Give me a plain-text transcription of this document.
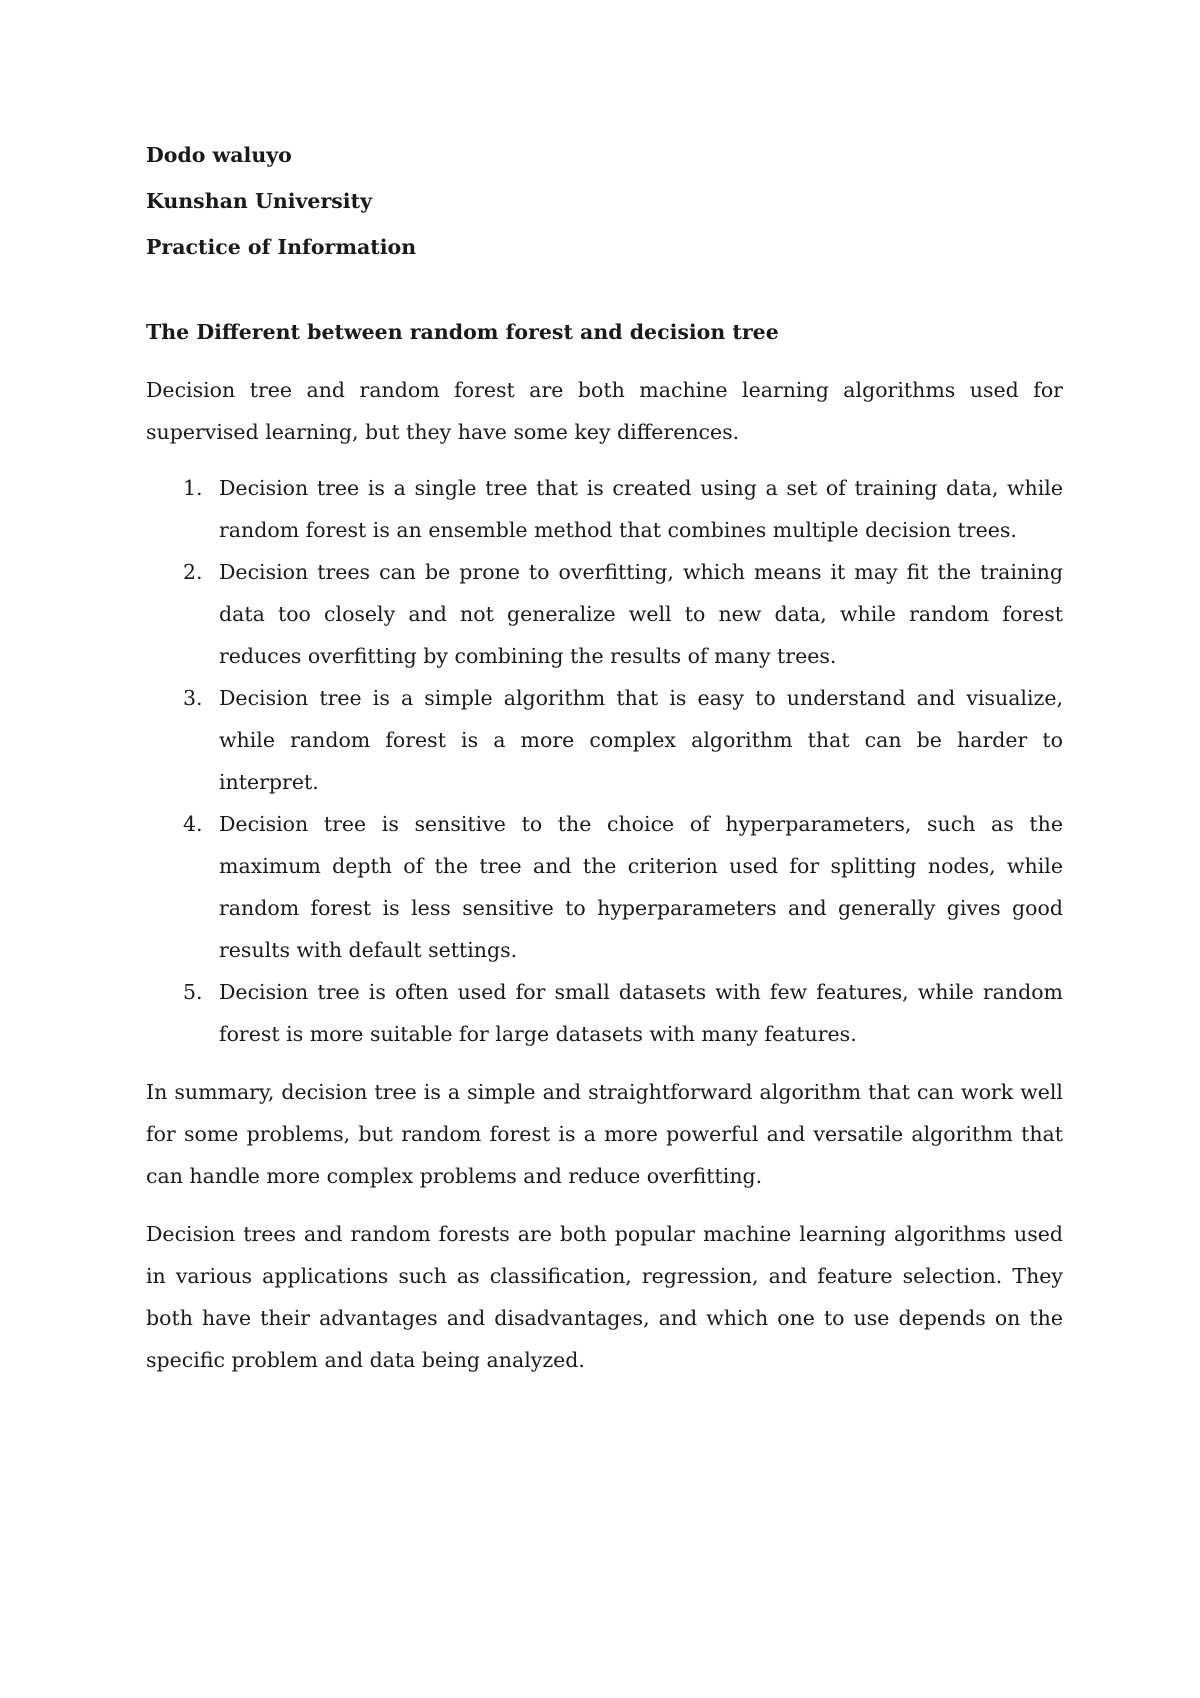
Dodo waluyo

Kunshan University

Practice of Information

The Different between random forest and decision tree

Decision tree and random forest are both machine learning algorithms used for supervised learning, but they have some key differences.

1. Decision tree is a single tree that is created using a set of training data, while random forest is an ensemble method that combines multiple decision trees.
2. Decision trees can be prone to overfitting, which means it may fit the training data too closely and not generalize well to new data, while random forest reduces overfitting by combining the results of many trees.
3. Decision tree is a simple algorithm that is easy to understand and visualize, while random forest is a more complex algorithm that can be harder to interpret.
4. Decision tree is sensitive to the choice of hyperparameters, such as the maximum depth of the tree and the criterion used for splitting nodes, while random forest is less sensitive to hyperparameters and generally gives good results with default settings.
5. Decision tree is often used for small datasets with few features, while random forest is more suitable for large datasets with many features.

In summary, decision tree is a simple and straightforward algorithm that can work well for some problems, but random forest is a more powerful and versatile algorithm that can handle more complex problems and reduce overfitting.

Decision trees and random forests are both popular machine learning algorithms used in various applications such as classification, regression, and feature selection. They both have their advantages and disadvantages, and which one to use depends on the specific problem and data being analyzed.
